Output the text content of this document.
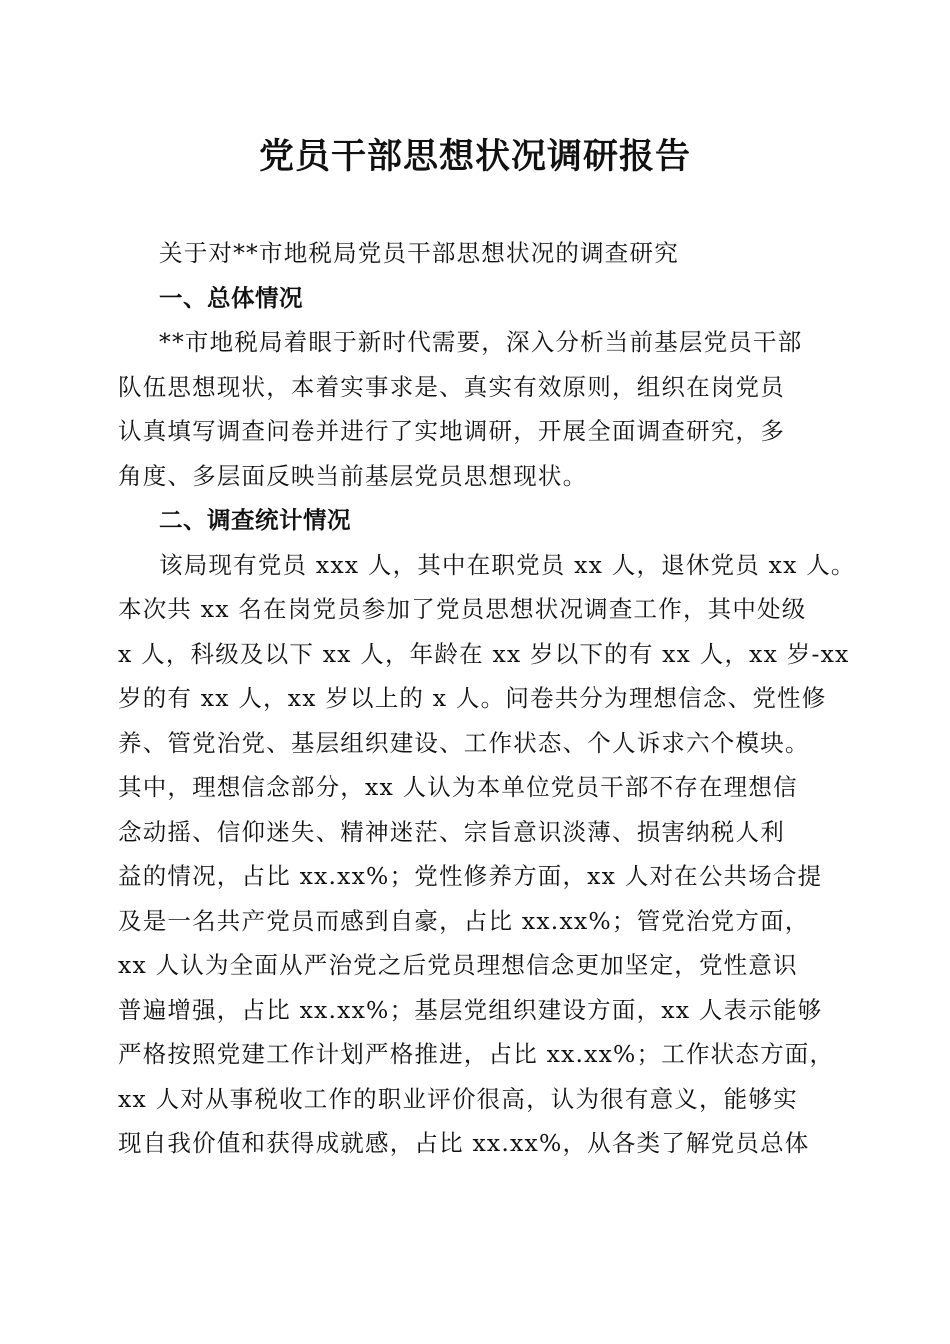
党员干部思想状况调研报告
关于对**市地税局党员干部思想状况的调查研究
一、总体情况
**市地税局着眼于新时代需要，深入分析当前基层党员干部
队伍思想现状，本着实事求是、真实有效原则，组织在岗党员
认真填写调查问卷并进行了实地调研，开展全面调查研究，多
角度、多层面反映当前基层党员思想现状。
二、调查统计情况
该局现有党员 xxx 人，其中在职党员 xx 人，退休党员 xx 人。
本次共 xx 名在岗党员参加了党员思想状况调查工作，其中处级
x 人，科级及以下 xx 人，年龄在 xx 岁以下的有 xx 人，xx 岁-xx
岁的有 xx 人，xx 岁以上的 x 人。问卷共分为理想信念、党性修
养、管党治党、基层组织建设、工作状态、个人诉求六个模块。
其中，理想信念部分，xx 人认为本单位党员干部不存在理想信
念动摇、信仰迷失、精神迷茫、宗旨意识淡薄、损害纳税人利
益的情况，占比 xx.xx%；党性修养方面，xx 人对在公共场合提
及是一名共产党员而感到自豪，占比 xx.xx%；管党治党方面，
xx 人认为全面从严治党之后党员理想信念更加坚定，党性意识
普遍增强，占比 xx.xx%；基层党组织建设方面，xx 人表示能够
严格按照党建工作计划严格推进，占比 xx.xx%；工作状态方面，
xx 人对从事税收工作的职业评价很高，认为很有意义，能够实
现自我价值和获得成就感，占比 xx.xx%，从各类了解党员总体
